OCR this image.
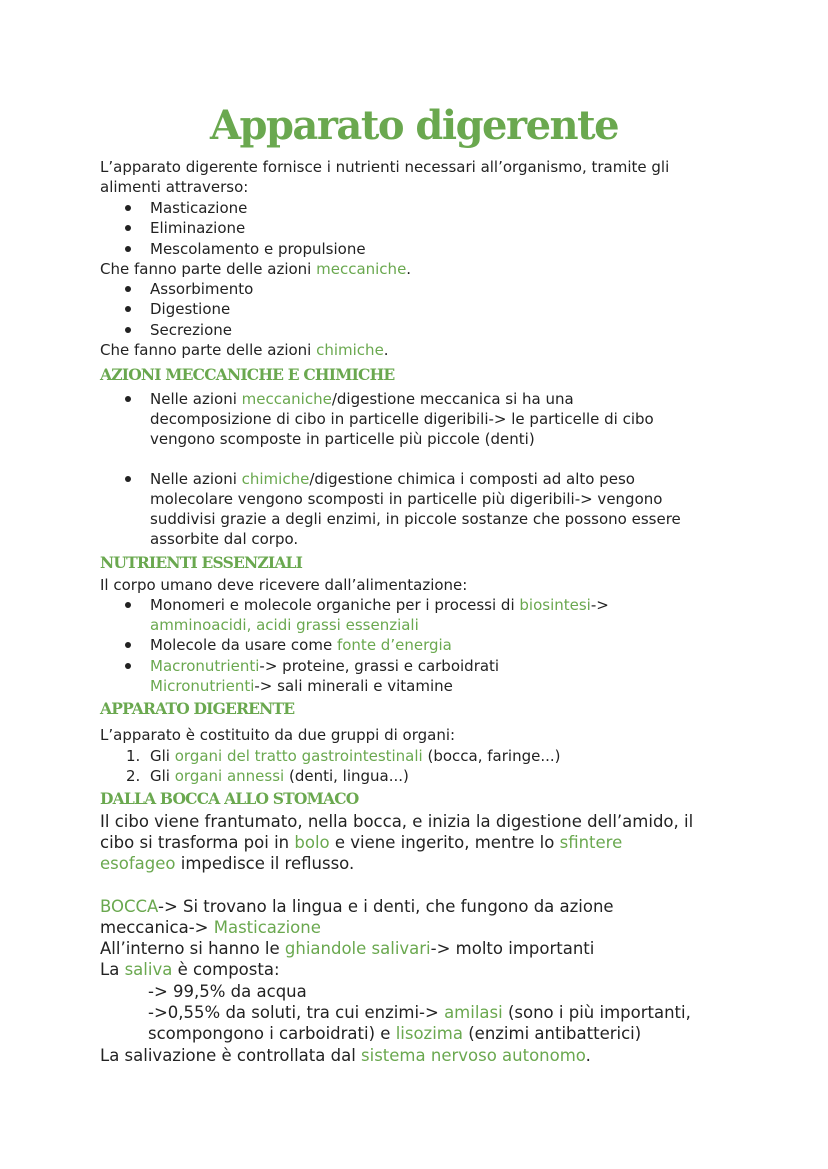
Apparato digerente
L’apparato digerente fornisce i nutrienti necessari all’organismo, tramite gli
alimenti attraverso:
Masticazione
Eliminazione
Mescolamento e propulsione
Che fanno parte delle azioni meccaniche.
Assorbimento
Digestione
Secrezione
Che fanno parte delle azioni chimiche.
AZIONI MECCANICHE E CHIMICHE
Nelle azioni meccaniche/digestione meccanica si ha una
decomposizione di cibo in particelle digeribili-> le particelle di cibo
vengono scomposte in particelle più piccole (denti)
Nelle azioni chimiche/digestione chimica i composti ad alto peso
molecolare vengono scomposti in particelle più digeribili-> vengono
suddivisi grazie a degli enzimi, in piccole sostanze che possono essere
assorbite dal corpo.
NUTRIENTI ESSENZIALI
Il corpo umano deve ricevere dall’alimentazione:
Monomeri e molecole organiche per i processi di biosintesi->
amminoacidi, acidi grassi essenziali
Molecole da usare come fonte d’energia
Macronutrienti-> proteine, grassi e carboidrati
Micronutrienti-> sali minerali e vitamine
APPARATO DIGERENTE
L’apparato è costituito da due gruppi di organi:
1. Gli organi del tratto gastrointestinali (bocca, faringe...)
2. Gli organi annessi (denti, lingua...)
DALLA BOCCA ALLO STOMACO
Il cibo viene frantumato, nella bocca, e inizia la digestione dell’amido, il
cibo si trasforma poi in bolo e viene ingerito, mentre lo sfintere
esofageo impedisce il reflusso.
BOCCA-> Si trovano la lingua e i denti, che fungono da azione
meccanica-> Masticazione
All’interno si hanno le ghiandole salivari-> molto importanti
La saliva è composta:
-> 99,5% da acqua
->0,55% da soluti, tra cui enzimi-> amilasi (sono i più importanti,
scompongono i carboidrati) e lisozima (enzimi antibatterici)
La salivazione è controllata dal sistema nervoso autonomo.
